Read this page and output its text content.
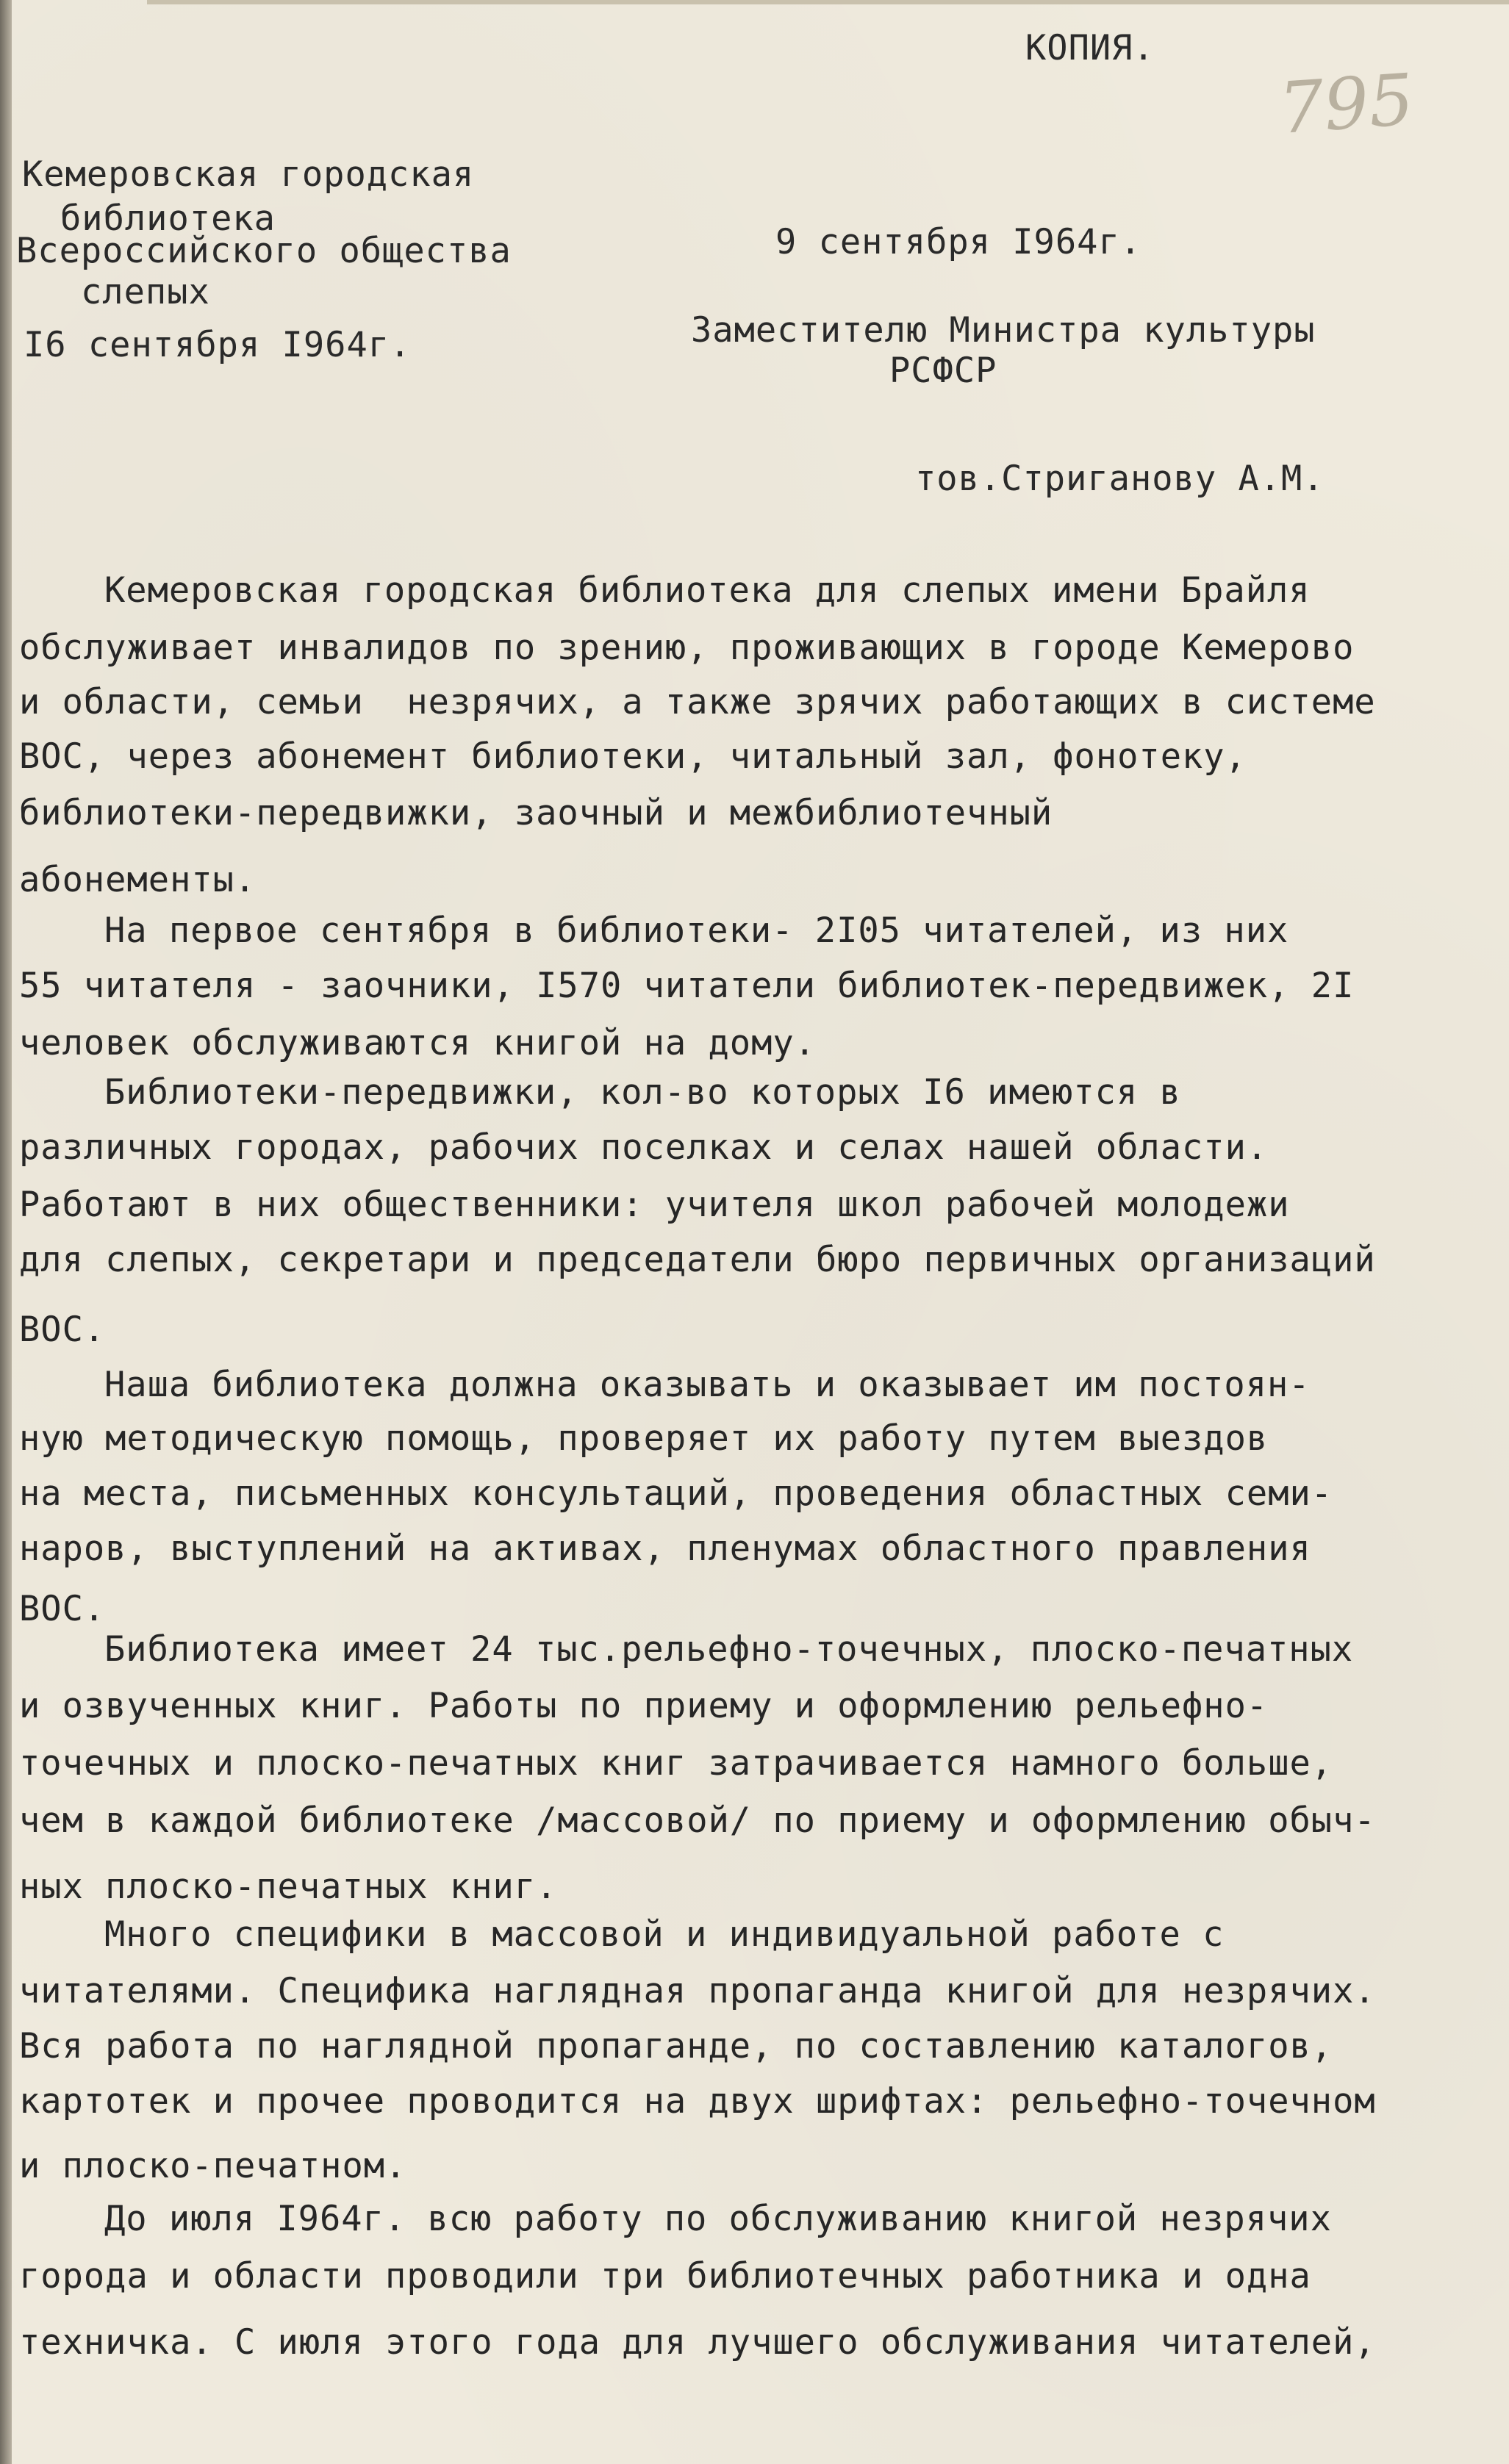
КОПИЯ.
795
Кемеровская городская
библиотека
Всероссийского общества
слепых
9 сентября I964г.
I6 сентября I964г.	Заместителю Министра культуры
РСФСР
тов.Стриганову А.М.
Кемеровская городская библиотека для слепых имени Брайля
обслуживает инвалидов по зрению, проживающих в городе Кемерово
и области, семьи  незрячих, а также зрячих работающих в системе
ВОС, через абонемент библиотеки, читальный зал, фонотеку,
библиотеки-передвижки, заочный и межбиблиотечный
абонементы.
На первое сентября в библиотеки- 2I05 читателей, из них
55 читателя - заочники, I570 читатели библиотек-передвижек, 2I
человек обслуживаются книгой на дому.
Библиотеки-передвижки, кол-во которых I6 имеются в
различных городах, рабочих поселках и селах нашей области.
Работают в них общественники: учителя школ рабочей молодежи
для слепых, секретари и председатели бюро первичных организаций
ВОС.
Наша библиотека должна оказывать и оказывает им постоян-
ную методическую помощь, проверяет их работу путем выездов
на места, письменных консультаций, проведения областных семи-
наров, выступлений на активах, пленумах областного правления
ВОС.
Библиотека имеет 24 тыс.рельефно-точечных, плоско-печатных
и озвученных книг. Работы по приему и оформлению рельефно-
точечных и плоско-печатных книг затрачивается намного больше,
чем в каждой библиотеке /массовой/ по приему и оформлению обыч-
ных плоско-печатных книг.
Много специфики в массовой и индивидуальной работе с
читателями. Специфика наглядная пропаганда книгой для незрячих.
Вся работа по наглядной пропаганде, по составлению каталогов,
картотек и прочее проводится на двух шрифтах: рельефно-точечном
и плоско-печатном.
До июля I964г. всю работу по обслуживанию книгой незрячих
города и области проводили три библиотечных работника и одна
техничка. С июля этого года для лучшего обслуживания читателей,
